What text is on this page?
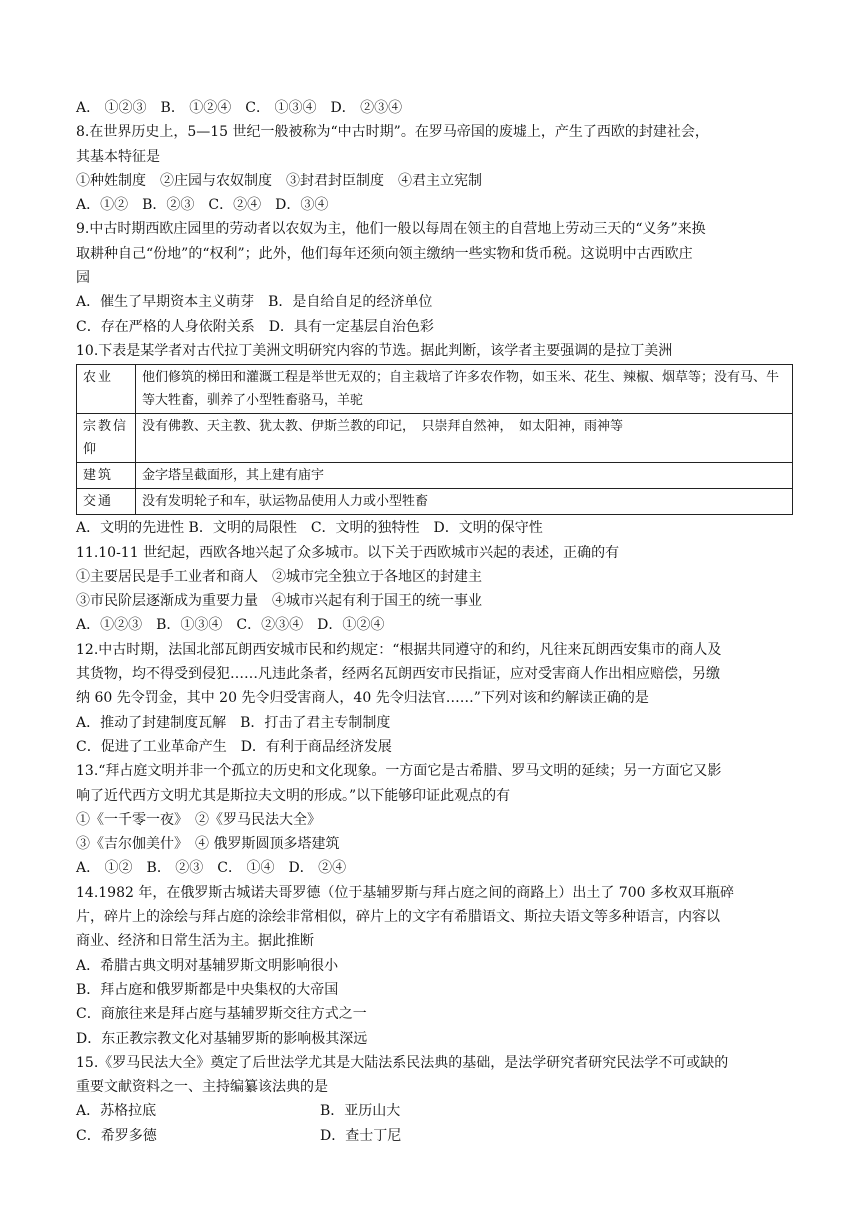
A． ①②③　B． ①②④　C． ①③④　D． ②③④

8.在世界历史上，5—15 世纪一般被称为“中古时期”。在罗马帝国的废墟上，产生了西欧的封建社会，

其基本特征是

①种姓制度　②庄园与农奴制度　③封君封臣制度　④君主立宪制

A．①②　B．②③　C．②④　D．③④

9.中古时期西欧庄园里的劳动者以农奴为主，他们一般以每周在领主的自营地上劳动三天的“义务”来换

取耕种自己“份地”的“权利”；此外，他们每年还须向领主缴纳一些实物和货币税。这说明中古西欧庄

园

A．催生了早期资本主义萌芽　B．是自给自足的经济单位

C．存在严格的人身依附关系　D．具有一定基层自治色彩

10.下表是某学者对古代拉丁美洲文明研究内容的节选。据此判断，该学者主要强调的是拉丁美洲

农业	他们修筑的梯田和灌溉工程是举世无双的；自主栽培了许多农作物，如玉米、花生、辣椒、烟草等；没有马、牛等大牲畜，驯养了小型牲畜骆马，羊驼
宗教信仰	没有佛教、天主教、犹太教、伊斯兰教的印记，　只崇拜自然神，　如太阳神，雨神等
建筑	金字塔呈截面形，其上建有庙宇
交通	没有发明轮子和车，驮运物品使用人力或小型牲畜

A．文明的先进性 B．文明的局限性　C．文明的独特性　D．文明的保守性

11.10-11 世纪起，西欧各地兴起了众多城市。以下关于西欧城市兴起的表述，正确的有

①主要居民是手工业者和商人　②城市完全独立于各地区的封建主

③市民阶层逐渐成为重要力量　④城市兴起有利于国王的统一事业

A．①②③　B．①③④　C．②③④　D．①②④

12.中古时期，法国北部瓦朗西安城市民和约规定：“根据共同遵守的和约，凡往来瓦朗西安集市的商人及

其货物，均不得受到侵犯……凡违此条者，经两名瓦朗西安市民指证，应对受害商人作出相应赔偿，另缴

纳 60 先令罚金，其中 20 先令归受害商人，40 先令归法官……”下列对该和约解读正确的是

A．推动了封建制度瓦解　B．打击了君主专制制度

C．促进了工业革命产生　D．有利于商品经济发展

13.“拜占庭文明并非一个孤立的历史和文化现象。一方面它是古希腊、罗马文明的延续；另一方面它又影

响了近代西方文明尤其是斯拉夫文明的形成。”以下能够印证此观点的有

①《一千零一夜》　②《罗马民法大全》

③《吉尔伽美什》　④ 俄罗斯圆顶多塔建筑

A． ①②　B． ②③　C． ①④　D． ②④

14.1982 年，在俄罗斯古城诺夫哥罗德（位于基辅罗斯与拜占庭之间的商路上）出土了 700 多枚双耳瓶碎

片，碎片上的涂绘与拜占庭的涂绘非常相似，碎片上的文字有希腊语文、斯拉夫语文等多种语言，内容以

商业、经济和日常生活为主。据此推断

A．希腊古典文明对基辅罗斯文明影响很小

B．拜占庭和俄罗斯都是中央集权的大帝国

C．商旅往来是拜占庭与基辅罗斯交往方式之一

D．东正教宗教文化对基辅罗斯的影响极其深远

15.《罗马民法大全》奠定了后世法学尤其是大陆法系民法典的基础，是法学研究者研究民法学不可或缺的

重要文献资料之一、主持编纂该法典的是

A．苏格拉底	B．亚历山大
C．希罗多德	D．查士丁尼
